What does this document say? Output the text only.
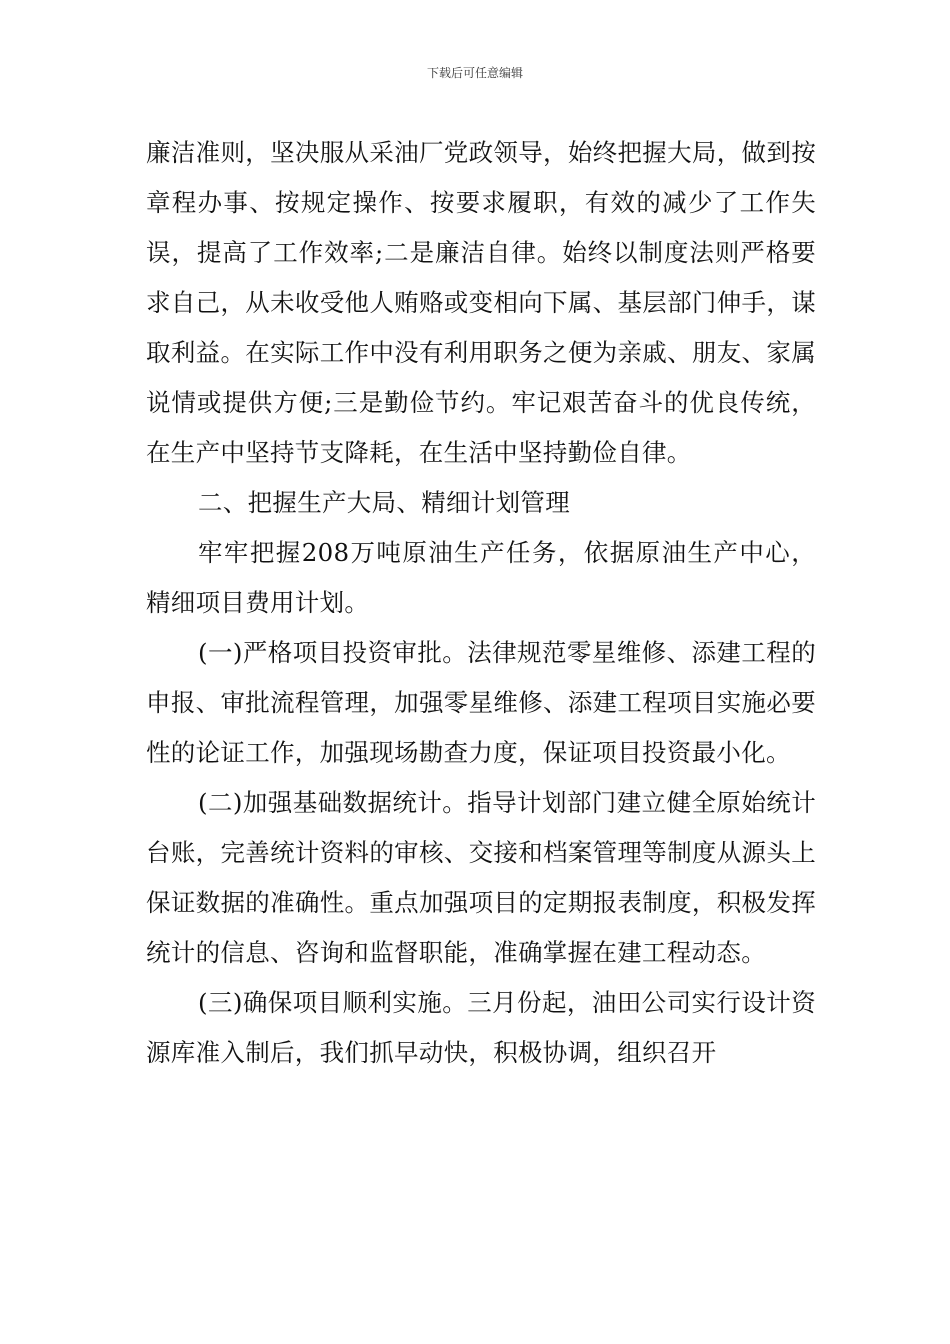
下载后可任意编辑

廉洁准则，坚决服从采油厂党政领导，始终把握大局，做到按章程办事、按规定操作、按要求履职，有效的减少了工作失误，提高了工作效率;二是廉洁自律。始终以制度法则严格要求自己，从未收受他人贿赂或变相向下属、基层部门伸手，谋取利益。在实际工作中没有利用职务之便为亲戚、朋友、家属说情或提供方便;三是勤俭节约。牢记艰苦奋斗的优良传统，在生产中坚持节支降耗，在生活中坚持勤俭自律。

二、把握生产大局、精细计划管理

牢牢把握208万吨原油生产任务，依据原油生产中心，精细项目费用计划。

(一)严格项目投资审批。法律规范零星维修、添建工程的申报、审批流程管理，加强零星维修、添建工程项目实施必要性的论证工作，加强现场勘查力度，保证项目投资最小化。

(二)加强基础数据统计。指导计划部门建立健全原始统计台账，完善统计资料的审核、交接和档案管理等制度从源头上保证数据的准确性。重点加强项目的定期报表制度，积极发挥统计的信息、咨询和监督职能，准确掌握在建工程动态。

(三)确保项目顺利实施。三月份起，油田公司实行设计资源库准入制后，我们抓早动快，积极协调，组织召开
